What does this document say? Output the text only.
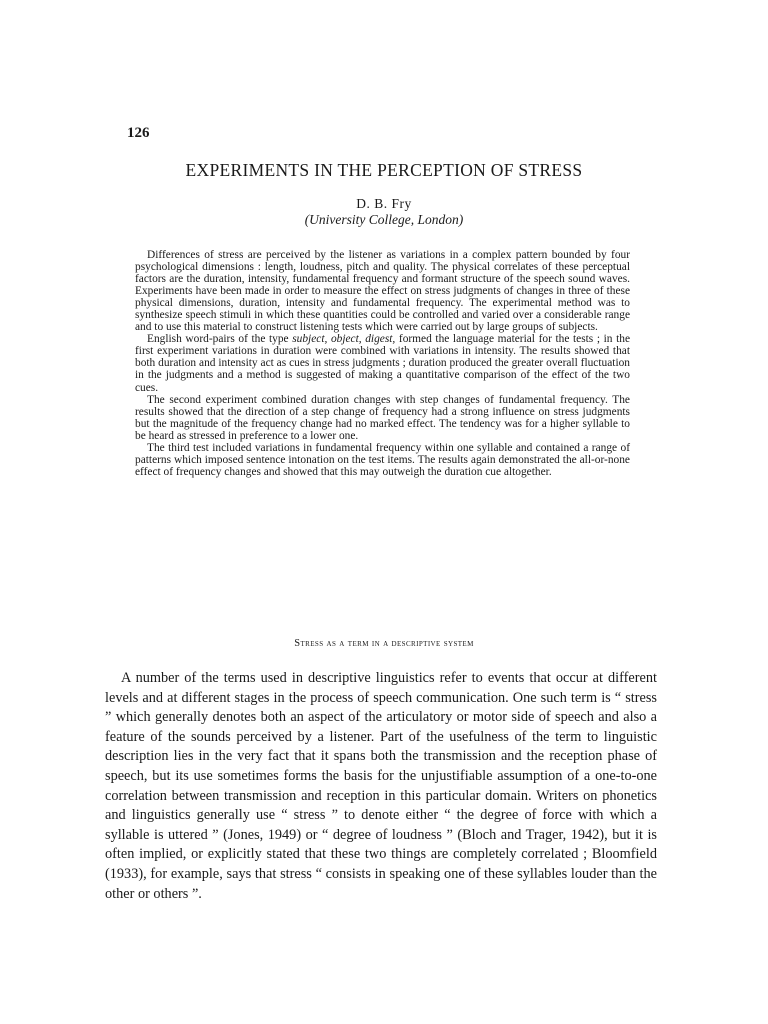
126
EXPERIMENTS IN THE PERCEPTION OF STRESS
D. B. Fry
(University College, London)

Differences of stress are perceived by the listener as variations in a complex pattern bounded by four psychological dimensions : length, loudness, pitch and quality. The physical correlates of these perceptual factors are the duration, intensity, fundamental frequency and formant structure of the speech sound waves. Experiments have been made in order to measure the effect on stress judgments of changes in three of these physical dimensions, duration, intensity and fundamental frequency. The experimental method was to synthesize speech stimuli in which these quantities could be controlled and varied over a considerable range and to use this material to construct listening tests which were carried out by large groups of subjects.

English word-pairs of the type subject, object, digest, formed the language material for the tests ; in the first experiment variations in duration were combined with variations in intensity. The results showed that both duration and intensity act as cues in stress judgments ; duration produced the greater overall fluctuation in the judgments and a method is suggested of making a quantitative comparison of the effect of the two cues.

The second experiment combined duration changes with step changes of fundamental frequency. The results showed that the direction of a step change of frequency had a strong influence on stress judgments but the magnitude of the frequency change had no marked effect. The tendency was for a higher syllable to be heard as stressed in preference to a lower one.

The third test included variations in fundamental frequency within one syllable and contained a range of patterns which imposed sentence intonation on the test items. The results again demonstrated the all-or-none effect of frequency changes and showed that this may outweigh the duration cue altogether.

Stress as a term in a descriptive system

A number of the terms used in descriptive linguistics refer to events that occur at different levels and at different stages in the process of speech communication. One such term is “ stress ” which generally denotes both an aspect of the articulatory or motor side of speech and also a feature of the sounds perceived by a listener. Part of the usefulness of the term to linguistic description lies in the very fact that it spans both the transmission and the reception phase of speech, but its use sometimes forms the basis for the unjustifiable assumption of a one-to-one correlation between transmission and reception in this particular domain. Writers on phonetics and linguistics generally use “ stress ” to denote either “ the degree of force with which a syllable is uttered ” (Jones, 1949) or “ degree of loudness ” (Bloch and Trager, 1942), but it is often implied, or explicitly stated that these two things are completely correlated ; Bloomfield (1933), for example, says that stress “ consists in speaking one of these syllables louder than the other or others ”.
